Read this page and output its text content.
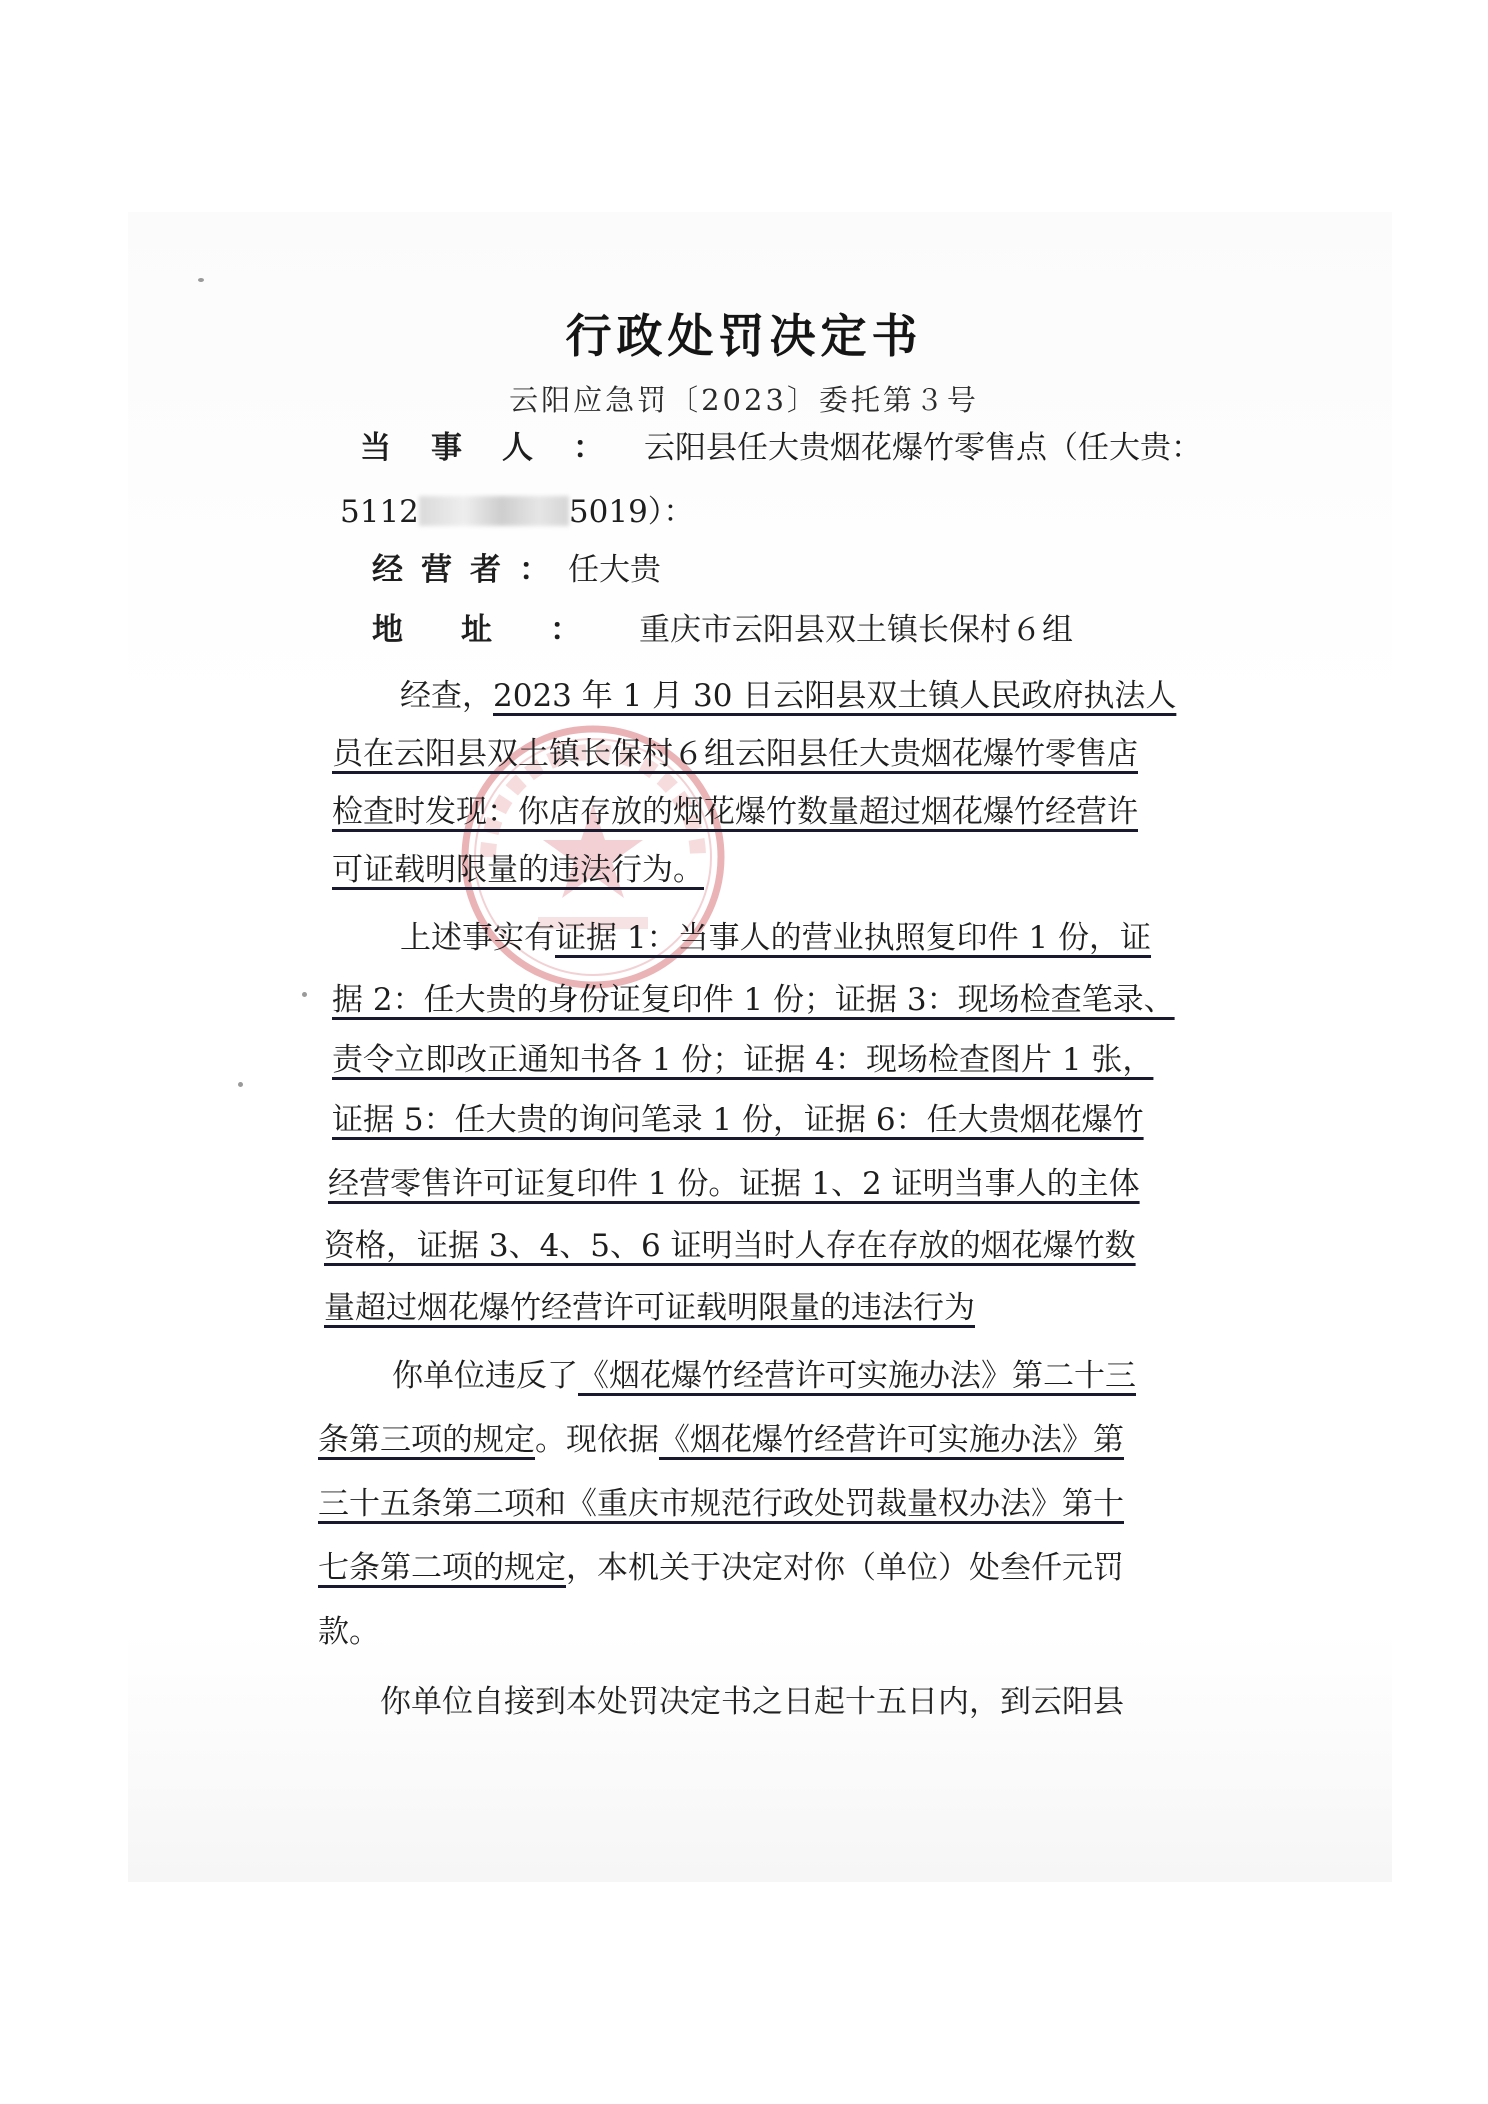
行政处罚决定书
云阳应急罚〔2023〕委托第３号
当事人：云阳县任大贵烟花爆竹零售点（任大贵：
5112	5019）：
经营者：任大贵
地址：重庆市云阳县双土镇长保村６组
经查，2023 年 1 月 30 日云阳县双土镇人民政府执法人
员在云阳县双土镇长保村６组云阳县任大贵烟花爆竹零售店
检查时发现：你店存放的烟花爆竹数量超过烟花爆竹经营许
可证载明限量的违法行为。
上述事实有证据 1：当事人的营业执照复印件 1 份，证
据 2：任大贵的身份证复印件 1 份；证据 3：现场检查笔录、
责令立即改正通知书各 1 份；证据 4：现场检查图片 1 张，
证据 5：任大贵的询问笔录 1 份，证据 6：任大贵烟花爆竹
经营零售许可证复印件 1 份。证据 1、2 证明当事人的主体
资格，证据 3、4、5、6 证明当时人存在存放的烟花爆竹数
量超过烟花爆竹经营许可证载明限量的违法行为
你单位违反了《烟花爆竹经营许可实施办法》第二十三
条第三项的规定。现依据《烟花爆竹经营许可实施办法》第
三十五条第二项和《重庆市规范行政处罚裁量权办法》第十
七条第二项的规定，本机关于决定对你（单位）处叁仟元罚
款。
你单位自接到本处罚决定书之日起十五日内，到云阳县
